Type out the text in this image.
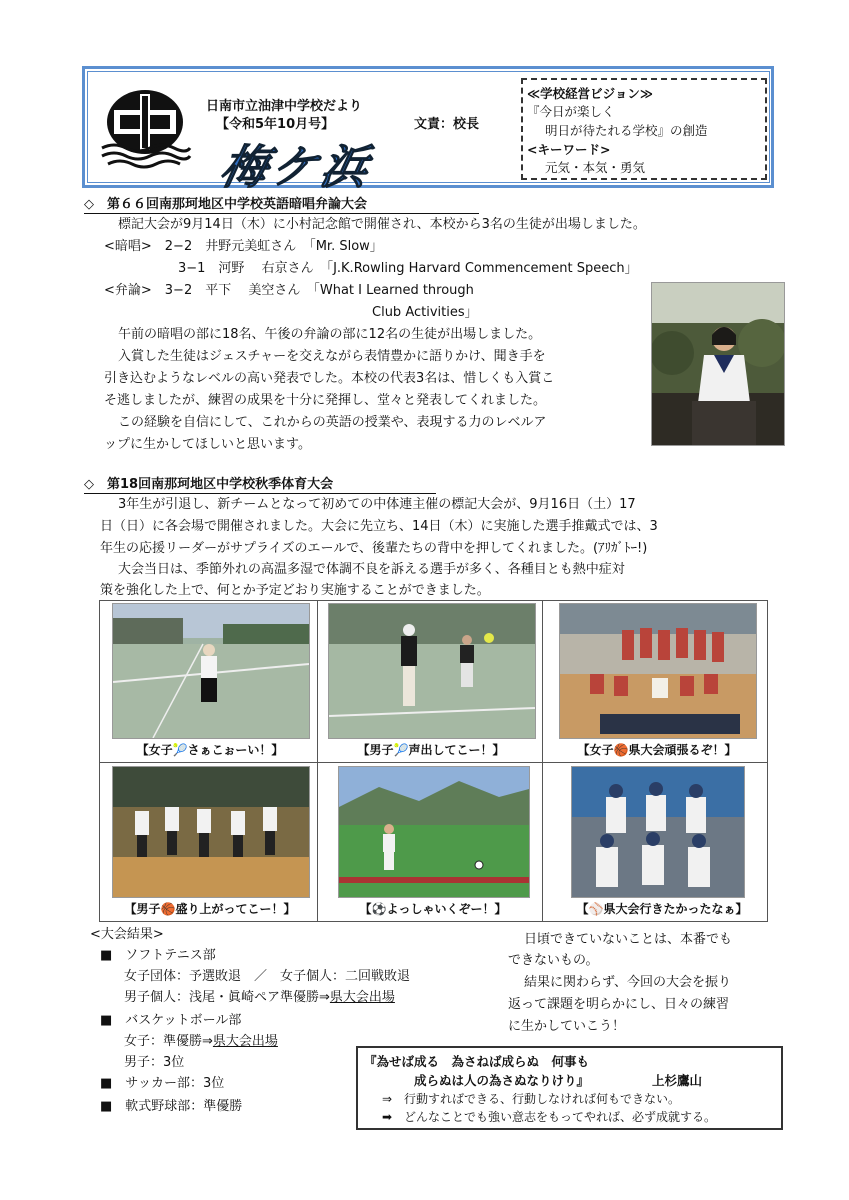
日南市立油津中学校だより
【令和5年10月号】	文責：校長
梅ケ浜
≪学校経営ビジョン≫
『今日が楽しく
明日が待たれる学校』の創造
<キーワード>
元気・本気・勇気
◇　第６６回南那珂地区中学校英語暗唱弁論大会
標記大会が9月14日（木）に小村記念館で開催され、本校から3名の生徒が出場しました。
<暗唱>　2−2　井野元美虹さん　「Mr. Slow」
3−1　河野　 右京さん　「J.K.Rowling Harvard Commencement Speech」
<弁論>　3−2　平下　 美空さん　「What I Learned through
Club Activities」
午前の暗唱の部に18名、午後の弁論の部に12名の生徒が出場しました。
入賞した生徒はジェスチャーを交えながら表情豊かに語りかけ、聞き手を
引き込むようなレベルの高い発表でした。本校の代表3名は、惜しくも入賞こ
そ逃しましたが、練習の成果を十分に発揮し、堂々と発表してくれました。
この経験を自信にして、これからの英語の授業や、表現する力のレベルア
ップに生かしてほしいと思います。
◇　第18回南那珂地区中学校秋季体育大会
3年生が引退し、新チームとなって初めての中体連主催の標記大会が、9月16日（土）17
日（日）に各会場で開催されました。大会に先立ち、14日（木）に実施した選手推戴式では、3
年生の応援リーダーがサプライズのエールで、後輩たちの背中を押してくれました。(ｱﾘｶﾞﾄｰ!)
大会当日は、季節外れの高温多湿で体調不良を訴える選手が多く、各種目とも熱中症対
策を強化した上で、何とか予定どおり実施することができました。
【女子🎾さぁこぉーい！】	【男子🎾声出してこー！】	【女子🏀県大会頑張るぞ！】
【男子🏀盛り上がってこー！】	【⚽よっしゃいくぞー！】	【⚾県大会行きたかったなぁ】
<大会結果>
■　ソフトテニス部
女子団体：予選敗退　／　女子個人：二回戦敗退
男子個人：浅尾・眞崎ペア準優勝⇒県大会出場
■　バスケットボール部
女子：準優勝⇒県大会出場
男子：3位
■　サッカー部：3位
■　軟式野球部：準優勝
日頃できていないことは、本番でも
できないもの。
結果に関わらず、今回の大会を振り
返って課題を明らかにし、日々の練習
に生かしていこう！
『為せば成る　為さねば成らぬ　何事も
成らぬは人の為さぬなりけり』	上杉鷹山
⇒　行動すればできる、行動しなければ何もできない。
➡　どんなことでも強い意志をもってやれば、必ず成就する。
